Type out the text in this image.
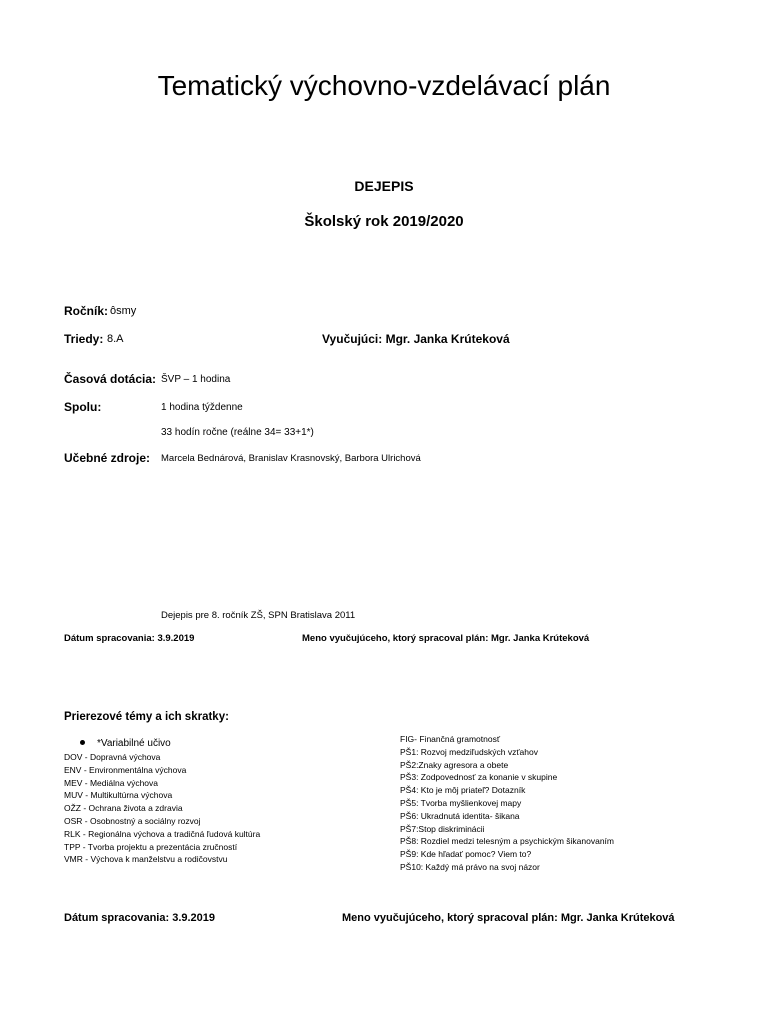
Tematický výchovno-vzdelávací plán
DEJEPIS
Školský rok 2019/2020
Ročník: ôsmy
Triedy: 8.A	Vyučujúci: Mgr. Janka Krúteková
Časová dotácia: ŠVP – 1 hodina
Spolu:	1 hodina týždenne
33 hodín ročne (reálne 34= 33+1*)
Učebné zdroje: Marcela Bednárová, Branislav Krasnovský, Barbora Ulrichová
Dejepis pre 8. ročník ZŠ, SPN Bratislava 2011
Dátum spracovania: 3.9.2019	Meno vyučujúceho, ktorý spracoval plán: Mgr. Janka Krúteková
Prierezové témy a ich skratky:
*Variabilné učivo
DOV - Dopravná výchova
ENV - Environmentálna výchova
MEV - Mediálna výchova
MUV - Multikultúrna výchova
OŽZ - Ochrana života a zdravia
OSR - Osobnostný a sociálny rozvoj
RLK - Regionálna výchova a tradičná ľudová kultúra
TPP - Tvorba projektu a prezentácia zručností
VMR - Výchova k manželstvu a rodičovstvu
FIG- Finančná gramotnosť
PŠ1: Rozvoj medziľudských vzťahov
PŠ2:Znaky agresora a obete
PŠ3: Zodpovednosť za konanie v skupine
PŠ4: Kto je môj priateľ? Dotazník
PŠ5: Tvorba myšlienkovej mapy
PŠ6: Ukradnutá identita- šikana
PŠ7:Stop diskriminácii
PŠ8: Rozdiel medzi telesným a psychickým šikanovaním
PŠ9: Kde hľadať pomoc? Viem to?
PŠ10: Každý má právo na svoj názor
Dátum spracovania: 3.9.2019	Meno vyučujúceho, ktorý spracoval plán: Mgr. Janka Krúteková
